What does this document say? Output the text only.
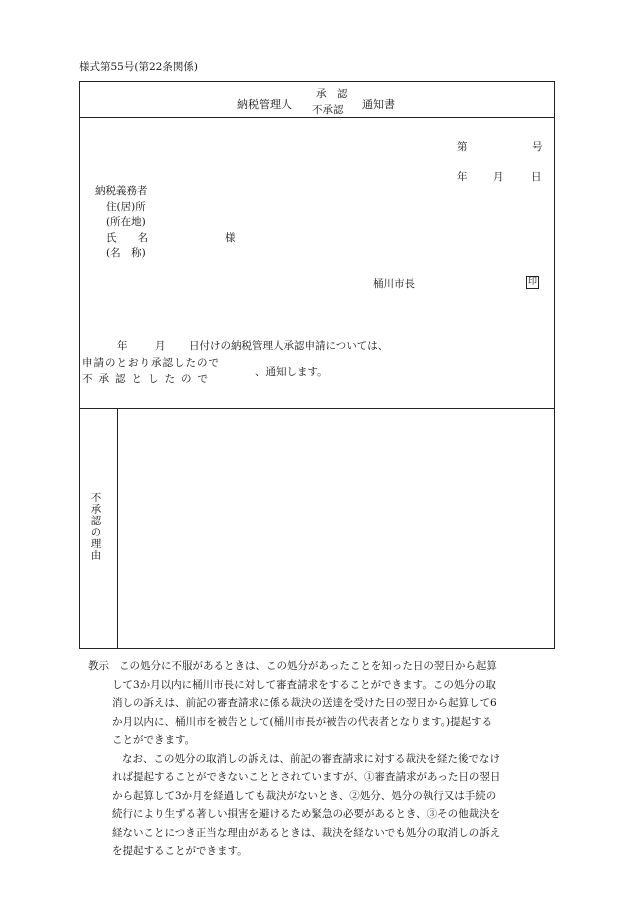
様式第55号(第22条関係)
納税管理人
承　認
不承認 通知書
第	号
年 月	日
納税義務者
住(居)所
(所在地)
氏　　名	様
(名　称)
桶川市長	印
年	月 日付けの納税管理人承認申請については、
申請のとおり承認したので
不承認としたので
、通知します。
不承認の理由

教示 この処分に不服があるときは、この処分があったことを知った日の翌日から起算

して3か月以内に桶川市長に対して審査請求をすることができます。この処分の取

消しの訴えは、前記の審査請求に係る裁決の送達を受けた日の翌日から起算して6

か月以内に、桶川市を被告として(桶川市長が被告の代表者となります。)提起する

ことができます。

なお、この処分の取消しの訴えは、前記の審査請求に対する裁決を経た後でなけ

れば提起することができないこととされていますが、①審査請求があった日の翌日

から起算して3か月を経過しても裁決がないとき、②処分、処分の執行又は手続の

続行により生ずる著しい損害を避けるため緊急の必要があるとき、③その他裁決を

経ないことにつき正当な理由があるときは、裁決を経ないでも処分の取消しの訴え

を提起することができます。
